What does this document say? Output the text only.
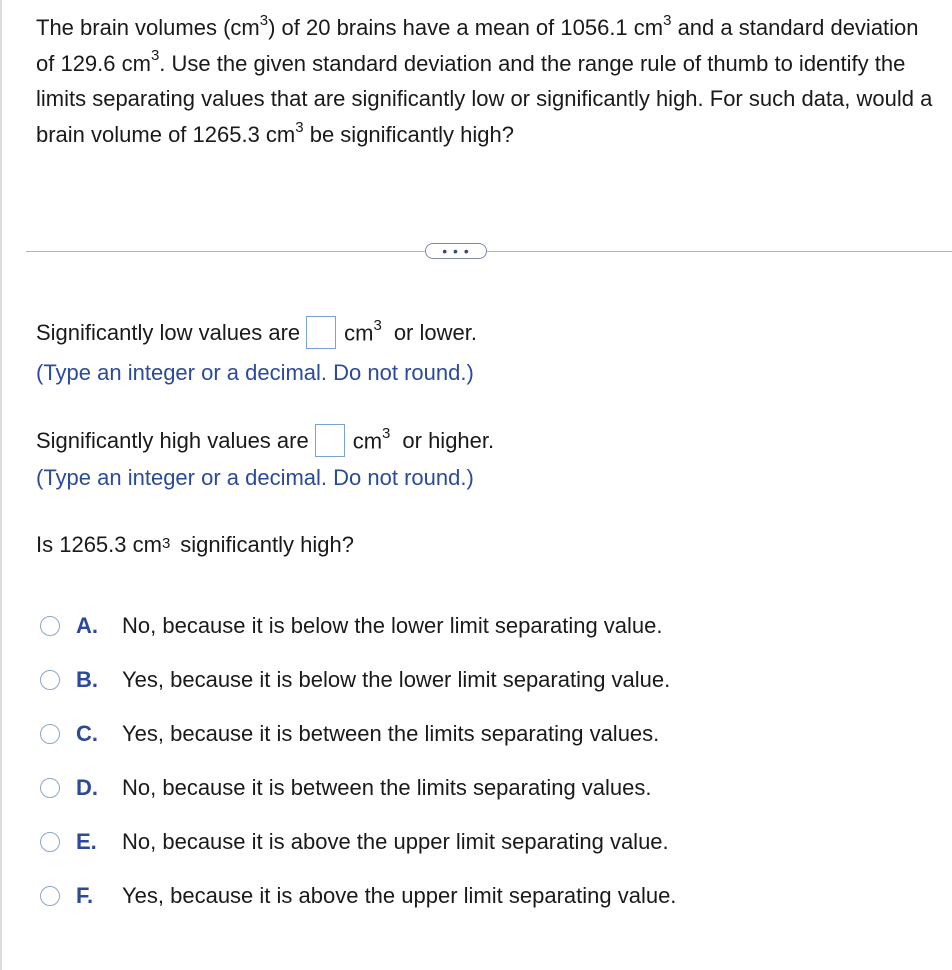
The brain volumes $(cm^3)$ of 20 brains have a mean of 1056.1 $cm^3$ and a standard deviation of 129.6 $cm^3$. Use the given standard deviation and the range rule of thumb to identify the limits separating values that are significantly low or significantly high. For such data, would a brain volume of 1265.3 $cm^3$ be significantly high?
• • •
Significantly low values are $cm^3$ or lower.
(Type an integer or a decimal. Do not round.)
Significantly high values are $cm^3$ or higher.
(Type an integer or a decimal. Do not round.)
Is 1265.3 $cm^3$ significantly high?
A.	No, because it is below the lower limit separating value.
B.	Yes, because it is below the lower limit separating value.
C.	Yes, because it is between the limits separating values.
D.	No, because it is between the limits separating values.
E.	No, because it is above the upper limit separating value.
F.	Yes, because it is above the upper limit separating value.
